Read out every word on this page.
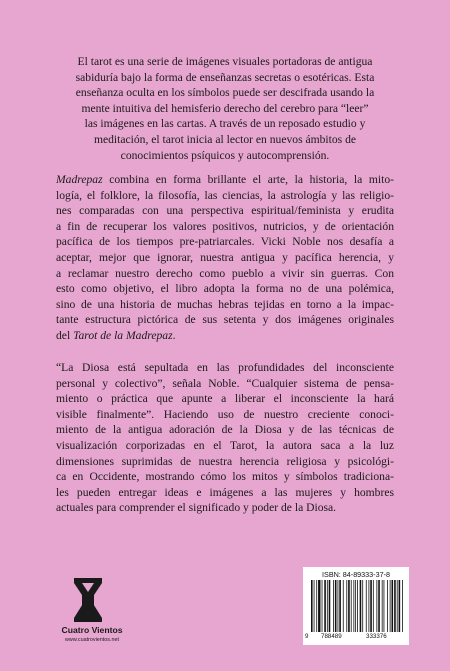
El tarot es una serie de imágenes visuales portadoras de antigua
sabiduría bajo la forma de enseñanzas secretas o esotéricas. Esta
enseñanza oculta en los símbolos puede ser descifrada usando la
mente intuitiva del hemisferio derecho del cerebro para “leer”
las imágenes en las cartas. A través de un reposado estudio y
meditación, el tarot inicia al lector en nuevos ámbitos de
conocimientos psíquicos y autocomprensión.
Madrepaz combina en forma brillante el arte, la historia, la mito-
logía, el folklore, la filosofía, las ciencias, la astrología y las religio-
nes comparadas con una perspectiva espiritual/feminista y erudita
a fin de recuperar los valores positivos, nutricios, y de orientación
pacífica de los tiempos pre-patriarcales. Vicki Noble nos desafía a
aceptar, mejor que ignorar, nuestra antigua y pacífica herencia, y
a reclamar nuestro derecho como pueblo a vivir sin guerras. Con
esto como objetivo, el libro adopta la forma no de una polémica,
sino de una historia de muchas hebras tejidas en torno a la impac-
tante estructura pictórica de sus setenta y dos imágenes originales
del Tarot de la Madrepaz.
“La Diosa está sepultada en las profundidades del inconsciente
personal y colectivo”, señala Noble. “Cualquier sistema de pensa-
miento o práctica que apunte a liberar el inconsciente la hará
visible finalmente”. Haciendo uso de nuestro creciente conoci-
miento de la antigua adoración de la Diosa y de las técnicas de
visualización corporizadas en el Tarot, la autora saca a la luz
dimensiones suprimidas de nuestra herencia religiosa y psicológi-
ca en Occidente, mostrando cómo los mitos y símbolos tradiciona-
les pueden entregar ideas e imágenes a las mujeres y hombres
actuales para comprender el significado y poder de la Diosa.
Cuatro Vientos
www.cuatrovientos.net
ISBN: 84-89333-37-8
9 788489	333376
